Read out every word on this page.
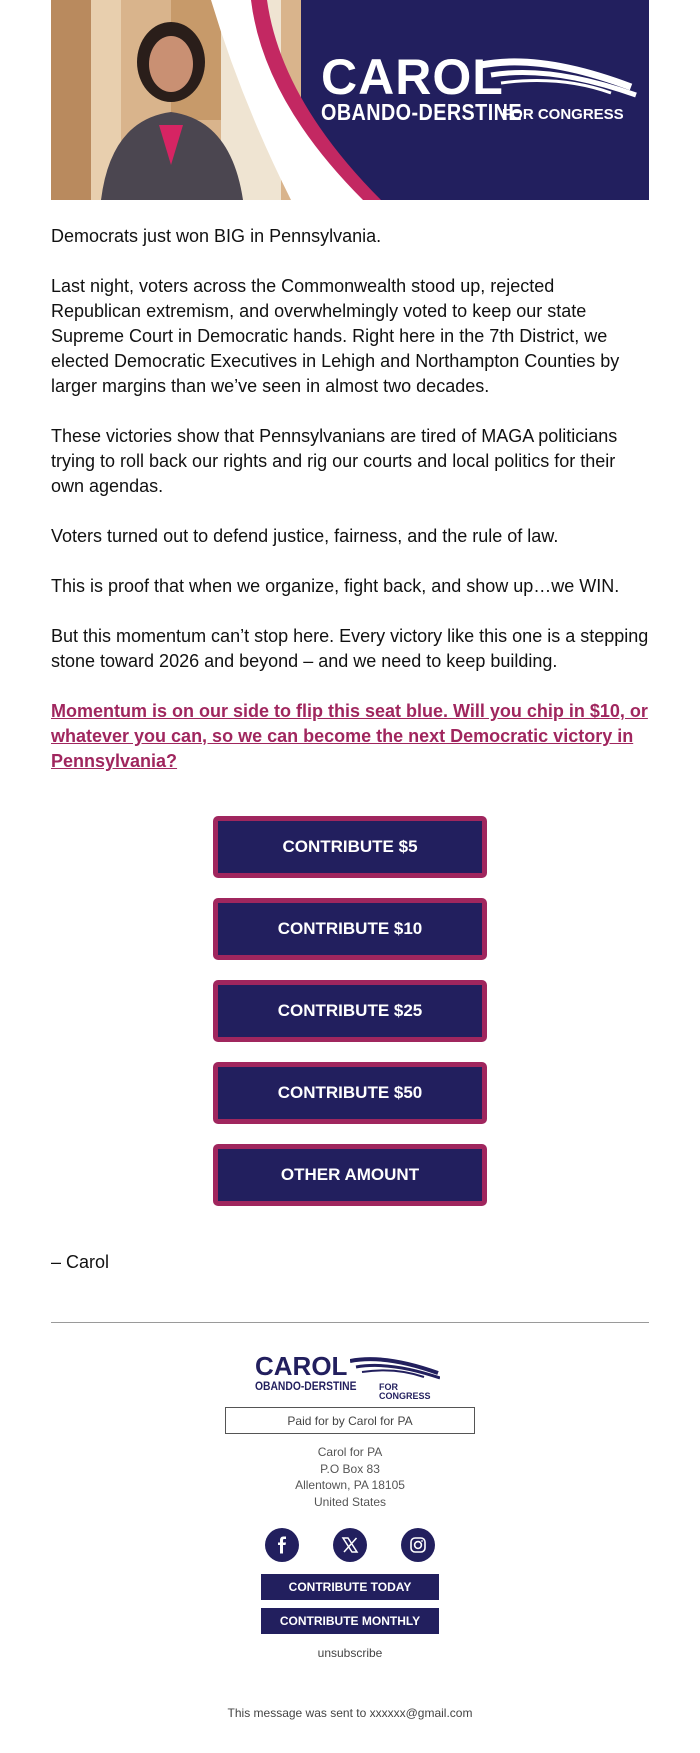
CAROL
OBANDO-DERSTINE
FOR CONGRESS

Democrats just won BIG in Pennsylvania.

Last night, voters across the Commonwealth stood up, rejected Republican extremism, and overwhelmingly voted to keep our state Supreme Court in Democratic hands. Right here in the 7th District, we elected Democratic Executives in Lehigh and Northampton Counties by larger margins than we’ve seen in almost two decades.

These victories show that Pennsylvanians are tired of MAGA politicians trying to roll back our rights and rig our courts and local politics for their own agendas.

Voters turned out to defend justice, fairness, and the rule of law.

This is proof that when we organize, fight back, and show up…we WIN.

But this momentum can’t stop here. Every victory like this one is a stepping stone toward 2026 and beyond – and we need to keep building.

Momentum is on our side to flip this seat blue. Will you chip in $10, or whatever you can, so we can become the next Democratic victory in Pennsylvania?

CONTRIBUTE $5
CONTRIBUTE $10
CONTRIBUTE $25
CONTRIBUTE $50
OTHER AMOUNT
– Carol
CAROL
OBANDO-DERSTINE	FOR CONGRESS
Paid for by Carol for PA
Carol for PA
P.O Box 83
Allentown, PA 18105
United States
CONTRIBUTE TODAY
CONTRIBUTE MONTHLY
unsubscribe
This message was sent to xxxxxx@gmail.com
